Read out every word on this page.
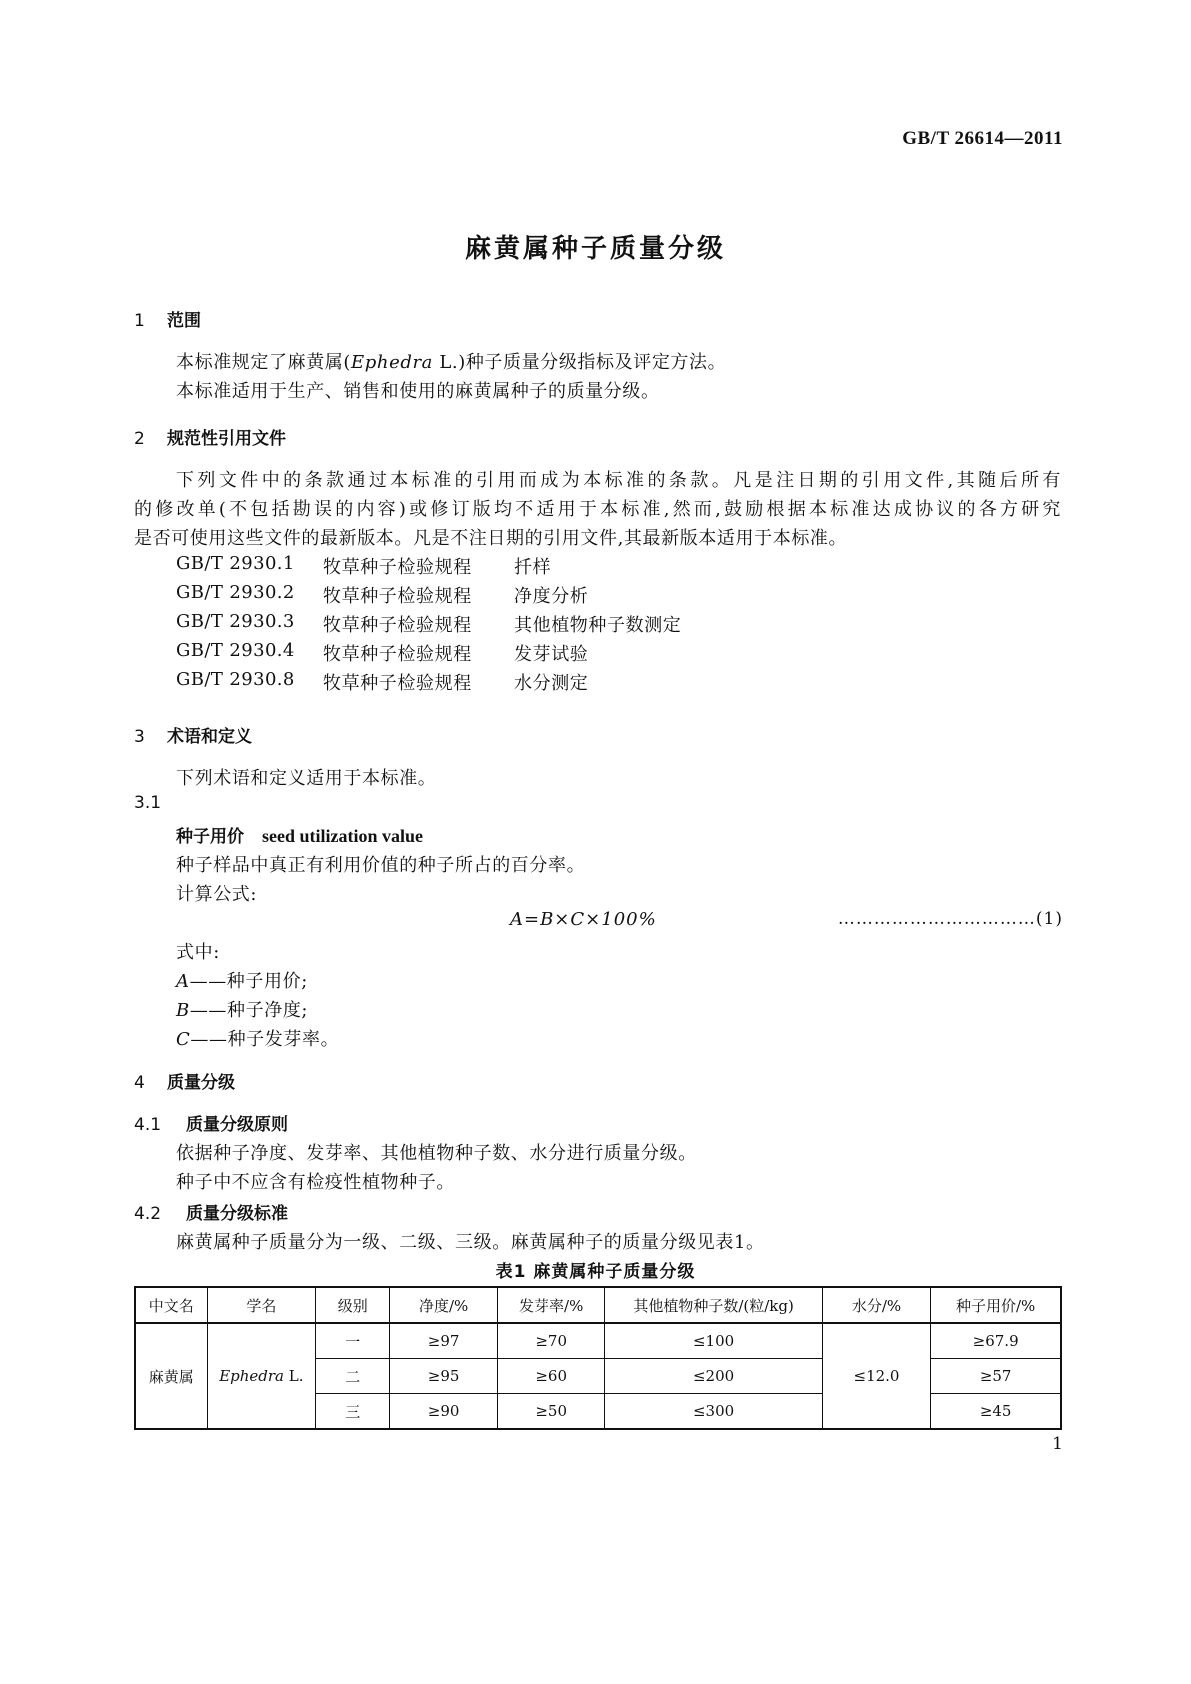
GB/T 26614—2011
麻黄属种子质量分级
1 范围
本标准规定了麻黄属(Ephedra L.)种子质量分级指标及评定方法。
本标准适用于生产、销售和使用的麻黄属种子的质量分级。
2 规范性引用文件
下列文件中的条款通过本标准的引用而成为本标准的条款。凡是注日期的引用文件,其随后所有
的修改单(不包括勘误的内容)或修订版均不适用于本标准,然而,鼓励根据本标准达成协议的各方研究
是否可使用这些文件的最新版本。凡是不注日期的引用文件,其最新版本适用于本标准。
GB/T 2930.1 牧草种子检验规程 扦样
GB/T 2930.2 牧草种子检验规程 净度分析
GB/T 2930.3 牧草种子检验规程 其他植物种子数测定
GB/T 2930.4 牧草种子检验规程 发芽试验
GB/T 2930.8 牧草种子检验规程 水分测定
3 术语和定义
下列术语和定义适用于本标准。
3.1
种子用价 seed utilization value
种子样品中真正有利用价值的种子所占的百分率。
计算公式:
A=B×C×100%	……………………………(1)
式中:
A——种子用价;
B——种子净度;
C——种子发芽率。
4 质量分级
4.1 质量分级原则
依据种子净度、发芽率、其他植物种子数、水分进行质量分级。
种子中不应含有检疫性植物种子。
4.2 质量分级标准
麻黄属种子质量分为一级、二级、三级。麻黄属种子的质量分级见表1。
表1 麻黄属种子质量分级
中文名	学名	级别	净度/%	发芽率/%	其他植物种子数/(粒/kg)	水分/%	种子用价/%
麻黄属	Ephedra L.	一	≥97	≥70	≤100	≤12.0	≥67.9
		二	≥95	≥60	≤200		≥57
		三	≥90	≥50	≤300		≥45
1
